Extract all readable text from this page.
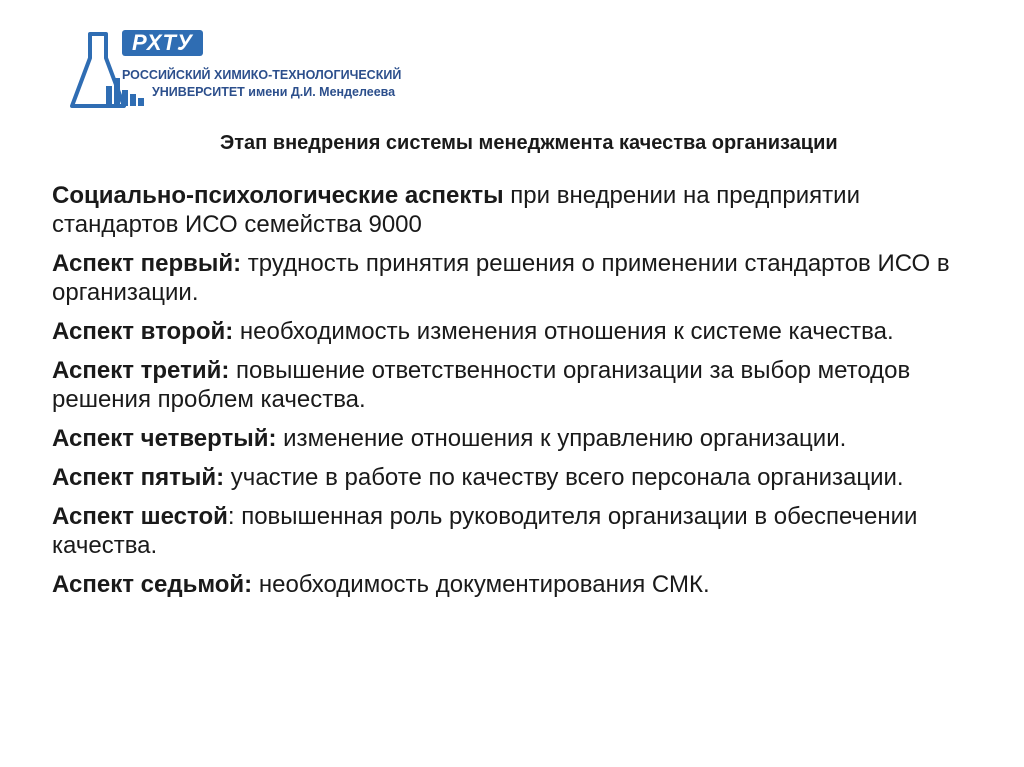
РХТУ
РОССИЙСКИЙ ХИМИКО-ТЕХНОЛОГИЧЕСКИЙ
УНИВЕРСИТЕТ имени Д.И. Менделеева
Этап внедрения системы менеджмента качества организации

Социально-психологические аспекты при внедрении на предприятии стандартов ИСО семейства 9000

Аспект первый: трудность принятия решения о применении стандартов ИСО в организации.

Аспект второй: необходимость изменения отношения к системе качества.

Аспект третий: повышение ответственности организации за выбор методов решения проблем качества.

Аспект четвертый: изменение отношения к управлению организации.

Аспект пятый: участие в работе по качеству всего персонала организации.

Аспект шестой: повышенная роль руководителя организации в обеспечении качества.

Аспект седьмой: необходимость документирования СМК.
